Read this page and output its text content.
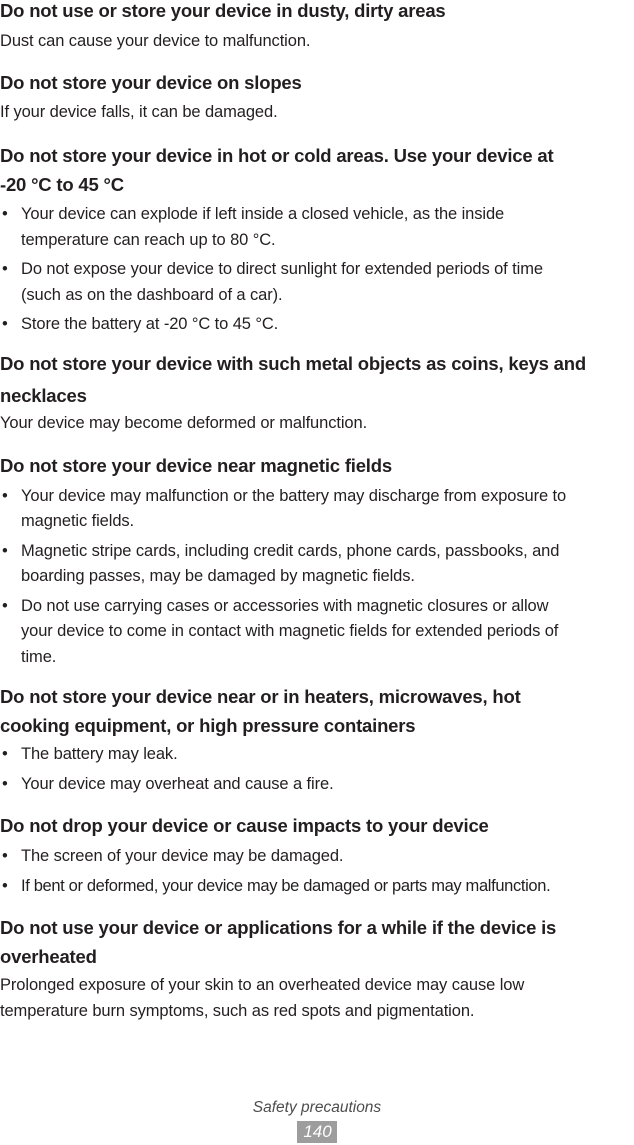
Do not use or store your device in dusty, dirty areas
Dust can cause your device to malfunction.
Do not store your device on slopes
If your device falls, it can be damaged.
Do not store your device in hot or cold areas. Use your device at
-20 °C to 45 °C
• Your device can explode if left inside a closed vehicle, as the inside
temperature can reach up to 80 °C.
• Do not expose your device to direct sunlight for extended periods of time
(such as on the dashboard of a car).
• Store the battery at -20 °C to 45 °C.
Do not store your device with such metal objects as coins, keys and
necklaces
Your device may become deformed or malfunction.
Do not store your device near magnetic fields
• Your device may malfunction or the battery may discharge from exposure to
magnetic fields.
• Magnetic stripe cards, including credit cards, phone cards, passbooks, and
boarding passes, may be damaged by magnetic fields.
• Do not use carrying cases or accessories with magnetic closures or allow
your device to come in contact with magnetic fields for extended periods of
time.
Do not store your device near or in heaters, microwaves, hot
cooking equipment, or high pressure containers
• The battery may leak.
• Your device may overheat and cause a fire.
Do not drop your device or cause impacts to your device
• The screen of your device may be damaged.
• If bent or deformed, your device may be damaged or parts may malfunction.
Do not use your device or applications for a while if the device is
overheated
Prolonged exposure of your skin to an overheated device may cause low
temperature burn symptoms, such as red spots and pigmentation.
Safety precautions
140
